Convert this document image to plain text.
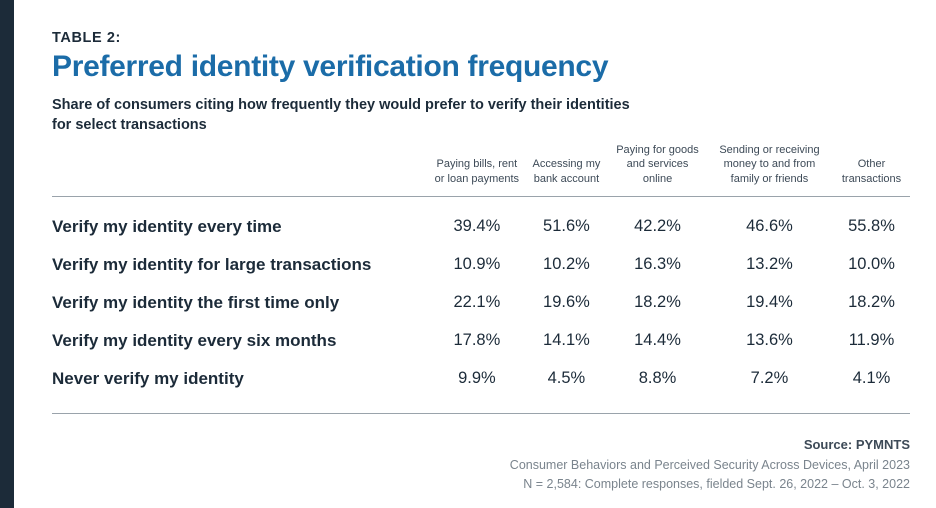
TABLE 2:
Preferred identity verification frequency
Share of consumers citing how frequently they would prefer to verify their identities for select transactions
	Paying bills, rent or loan payments	Accessing my bank account	Paying for goods and services online	Sending or receiving money to and from family or friends	Other transactions
Verify my identity every time	39.4%	51.6%	42.2%	46.6%	55.8%
Verify my identity for large transactions	10.9%	10.2%	16.3%	13.2%	10.0%
Verify my identity the first time only	22.1%	19.6%	18.2%	19.4%	18.2%
Verify my identity every six months	17.8%	14.1%	14.4%	13.6%	11.9%
Never verify my identity	9.9%	4.5%	8.8%	7.2%	4.1%
Source: PYMNTS
Consumer Behaviors and Perceived Security Across Devices, April 2023
N = 2,584: Complete responses, fielded Sept. 26, 2022 – Oct. 3, 2022
